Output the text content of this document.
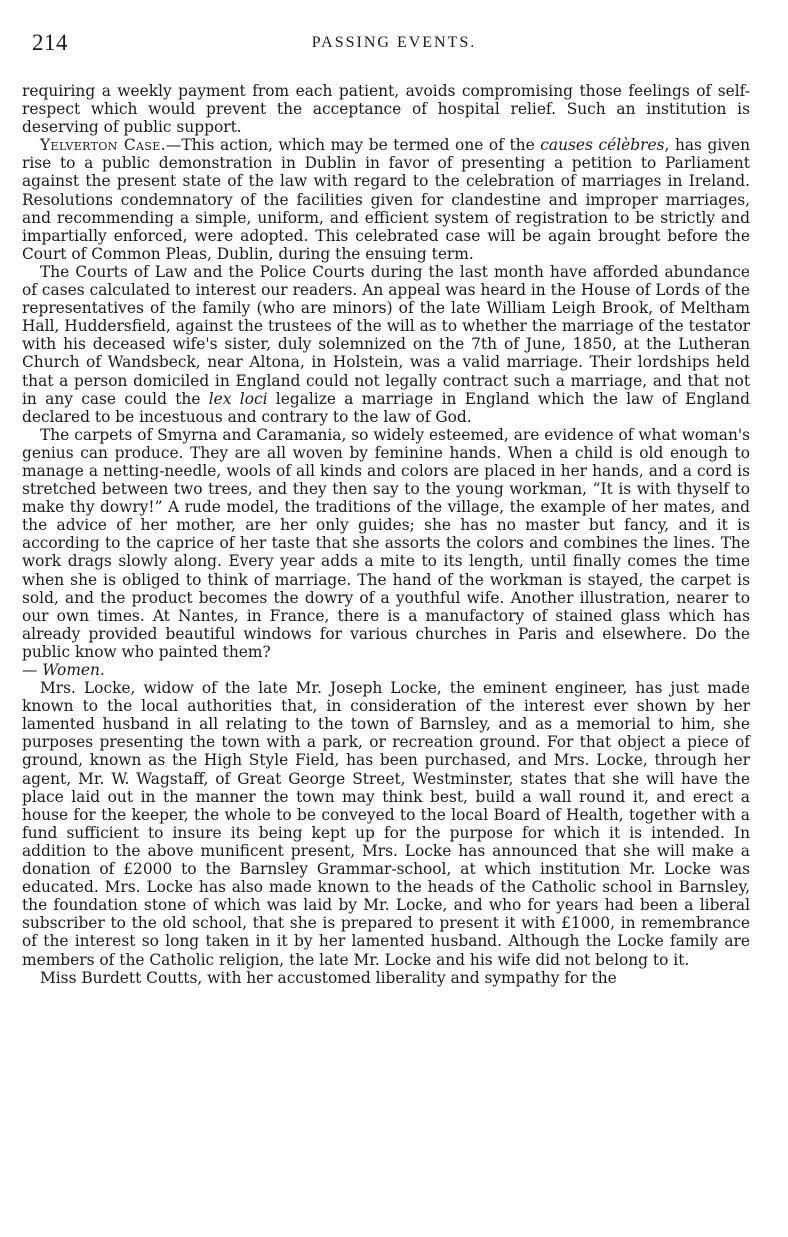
214	PASSING EVENTS.

requiring a weekly payment from each patient, avoids compromising those feelings of self-respect which would prevent the acceptance of hospital relief. Such an institution is deserving of public support.

Yelverton Case.—This action, which may be termed one of the causes célèbres, has given rise to a public demonstration in Dublin in favor of presenting a petition to Parliament against the present state of the law with regard to the celebration of marriages in Ireland. Resolutions condemnatory of the facilities given for clandestine and improper marriages, and recommending a simple, uniform, and efficient system of registration to be strictly and impartially enforced, were adopted. This celebrated case will be again brought before the Court of Common Pleas, Dublin, during the ensuing term.

The Courts of Law and the Police Courts during the last month have afforded abundance of cases calculated to interest our readers. An appeal was heard in the House of Lords of the representatives of the family (who are minors) of the late William Leigh Brook, of Meltham Hall, Huddersfield, against the trustees of the will as to whether the marriage of the testator with his deceased wife's sister, duly solemnized on the 7th of June, 1850, at the Lutheran Church of Wandsbeck, near Altona, in Holstein, was a valid marriage. Their lordships held that a person domiciled in England could not legally contract such a marriage, and that not in any case could the lex loci legalize a marriage in England which the law of England declared to be incestuous and contrary to the law of God.

The carpets of Smyrna and Caramania, so widely esteemed, are evidence of what woman's genius can produce. They are all woven by feminine hands. When a child is old enough to manage a netting-needle, wools of all kinds and colors are placed in her hands, and a cord is stretched between two trees, and they then say to the young workman, “It is with thyself to make thy dowry!” A rude model, the traditions of the village, the example of her mates, and the advice of her mother, are her only guides; she has no master but fancy, and it is according to the caprice of her taste that she assorts the colors and combines the lines. The work drags slowly along. Every year adds a mite to its length, until finally comes the time when she is obliged to think of marriage. The hand of the workman is stayed, the carpet is sold, and the product becomes the dowry of a youthful wife. Another illustration, nearer to our own times. At Nantes, in France, there is a manufactory of stained glass which has already provided beautiful windows for various churches in Paris and elsewhere. Do the public know who painted them?
— Women.

Mrs. Locke, widow of the late Mr. Joseph Locke, the eminent engineer, has just made known to the local authorities that, in consideration of the interest ever shown by her lamented husband in all relating to the town of Barnsley, and as a memorial to him, she purposes presenting the town with a park, or recreation ground. For that object a piece of ground, known as the High Style Field, has been purchased, and Mrs. Locke, through her agent, Mr. W. Wagstaff, of Great George Street, Westminster, states that she will have the place laid out in the manner the town may think best, build a wall round it, and erect a house for the keeper, the whole to be conveyed to the local Board of Health, together with a fund sufficient to insure its being kept up for the purpose for which it is intended. In addition to the above munificent present, Mrs. Locke has announced that she will make a donation of £2000 to the Barnsley Grammar-school, at which institution Mr. Locke was educated. Mrs. Locke has also made known to the heads of the Catholic school in Barnsley, the foundation stone of which was laid by Mr. Locke, and who for years had been a liberal subscriber to the old school, that she is prepared to present it with £1000, in remembrance of the interest so long taken in it by her lamented husband. Although the Locke family are members of the Catholic religion, the late Mr. Locke and his wife did not belong to it.

Miss Burdett Coutts, with her accustomed liberality and sympathy for the
